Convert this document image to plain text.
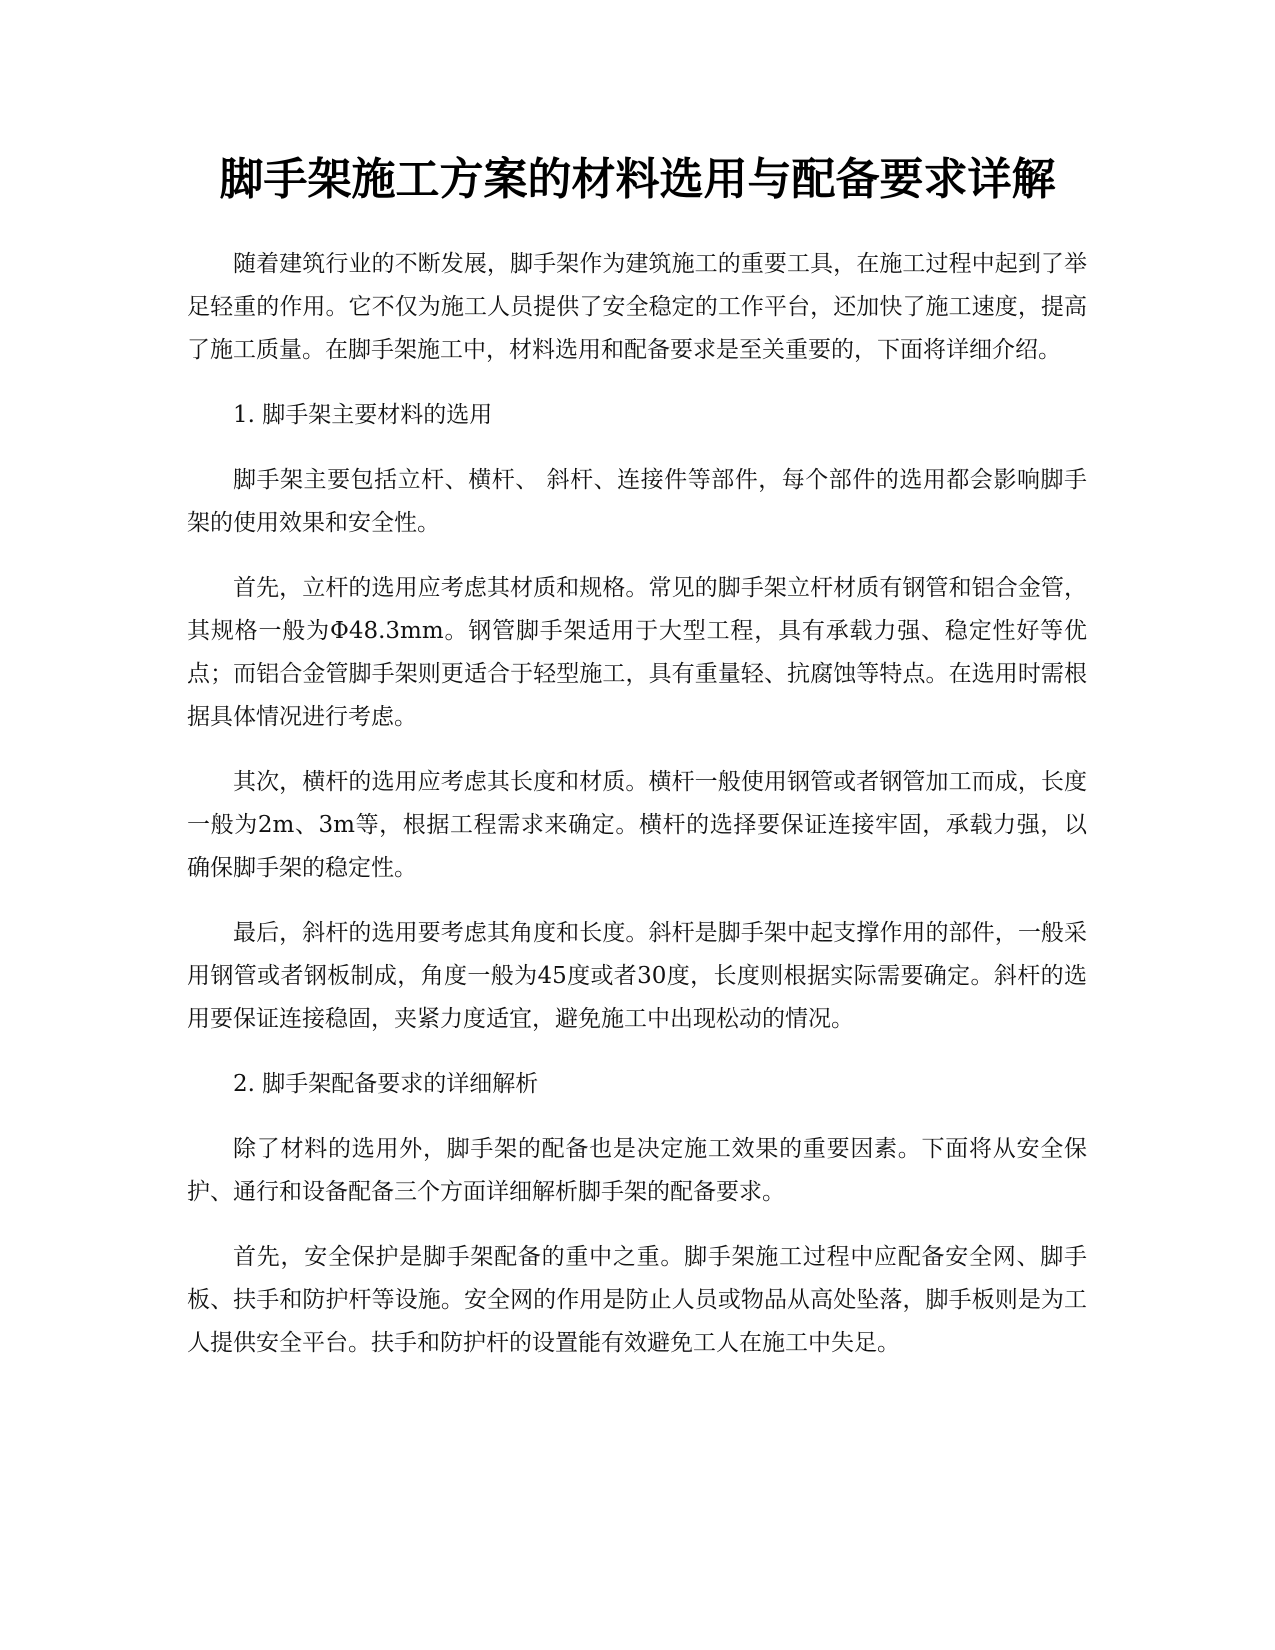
脚手架施工方案的材料选用与配备要求详解

随着建筑行业的不断发展，脚手架作为建筑施工的重要工具，在施工过程中起到了举足轻重的作用。它不仅为施工人员提供了安全稳定的工作平台，还加快了施工速度，提高了施工质量。在脚手架施工中，材料选用和配备要求是至关重要的，下面将详细介绍。

1. 脚手架主要材料的选用

脚手架主要包括立杆、横杆、 斜杆、连接件等部件，每个部件的选用都会影响脚手架的使用效果和安全性。

首先，立杆的选用应考虑其材质和规格。常见的脚手架立杆材质有钢管和铝合金管，其规格一般为Φ48.3mm。钢管脚手架适用于大型工程，具有承载力强、稳定性好等优点；而铝合金管脚手架则更适合于轻型施工，具有重量轻、抗腐蚀等特点。在选用时需根据具体情况进行考虑。

其次，横杆的选用应考虑其长度和材质。横杆一般使用钢管或者钢管加工而成，长度一般为2m、3m等，根据工程需求来确定。横杆的选择要保证连接牢固，承载力强，以确保脚手架的稳定性。

最后，斜杆的选用要考虑其角度和长度。斜杆是脚手架中起支撑作用的部件，一般采用钢管或者钢板制成，角度一般为45度或者30度，长度则根据实际需要确定。斜杆的选用要保证连接稳固，夹紧力度适宜，避免施工中出现松动的情况。

2. 脚手架配备要求的详细解析

除了材料的选用外，脚手架的配备也是决定施工效果的重要因素。下面将从安全保护、通行和设备配备三个方面详细解析脚手架的配备要求。

首先，安全保护是脚手架配备的重中之重。脚手架施工过程中应配备安全网、脚手板、扶手和防护杆等设施。安全网的作用是防止人员或物品从高处坠落，脚手板则是为工人提供安全平台。扶手和防护杆的设置能有效避免工人在施工中失足。
